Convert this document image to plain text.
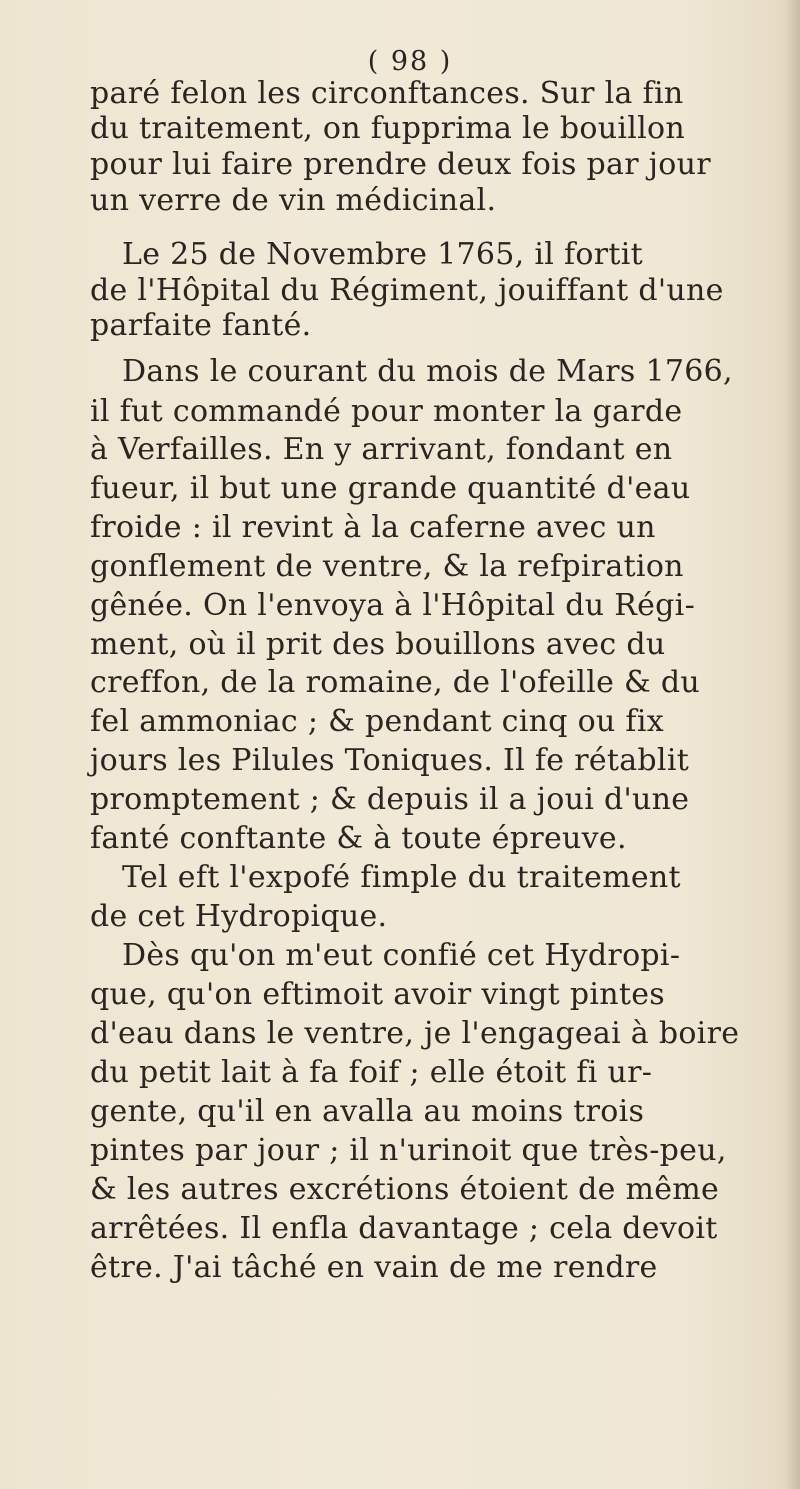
( 98 )
paré felon les circonftances. Sur la fin
du traitement, on fupprima le bouillon
pour lui faire prendre deux fois par jour
un verre de vin médicinal.
Le 25 de Novembre 1765, il fortit
de l'Hôpital du Régiment, jouiffant d'une
parfaite fanté.
Dans le courant du mois de Mars 1766,
il fut commandé pour monter la garde
à Verfailles. En y arrivant, fondant en
fueur, il but une grande quantité d'eau
froide : il revint à la caferne avec un
gonflement de ventre, & la refpiration
gênée. On l'envoya à l'Hôpital du Régi-
ment, où il prit des bouillons avec du
creffon, de la romaine, de l'ofeille & du
fel ammoniac ; & pendant cinq ou fix
jours les Pilules Toniques. Il fe rétablit
promptement ; & depuis il a joui d'une
fanté conftante & à toute épreuve.
Tel eft l'expofé fimple du traitement
de cet Hydropique.
Dès qu'on m'eut confié cet Hydropi-
que, qu'on eftimoit avoir vingt pintes
d'eau dans le ventre, je l'engageai à boire
du petit lait à fa foif ; elle étoit fi ur-
gente, qu'il en avalla au moins trois
pintes par jour ; il n'urinoit que très-peu,
& les autres excrétions étoient de même
arrêtées. Il enfla davantage ; cela devoit
être. J'ai tâché en vain de me rendre
